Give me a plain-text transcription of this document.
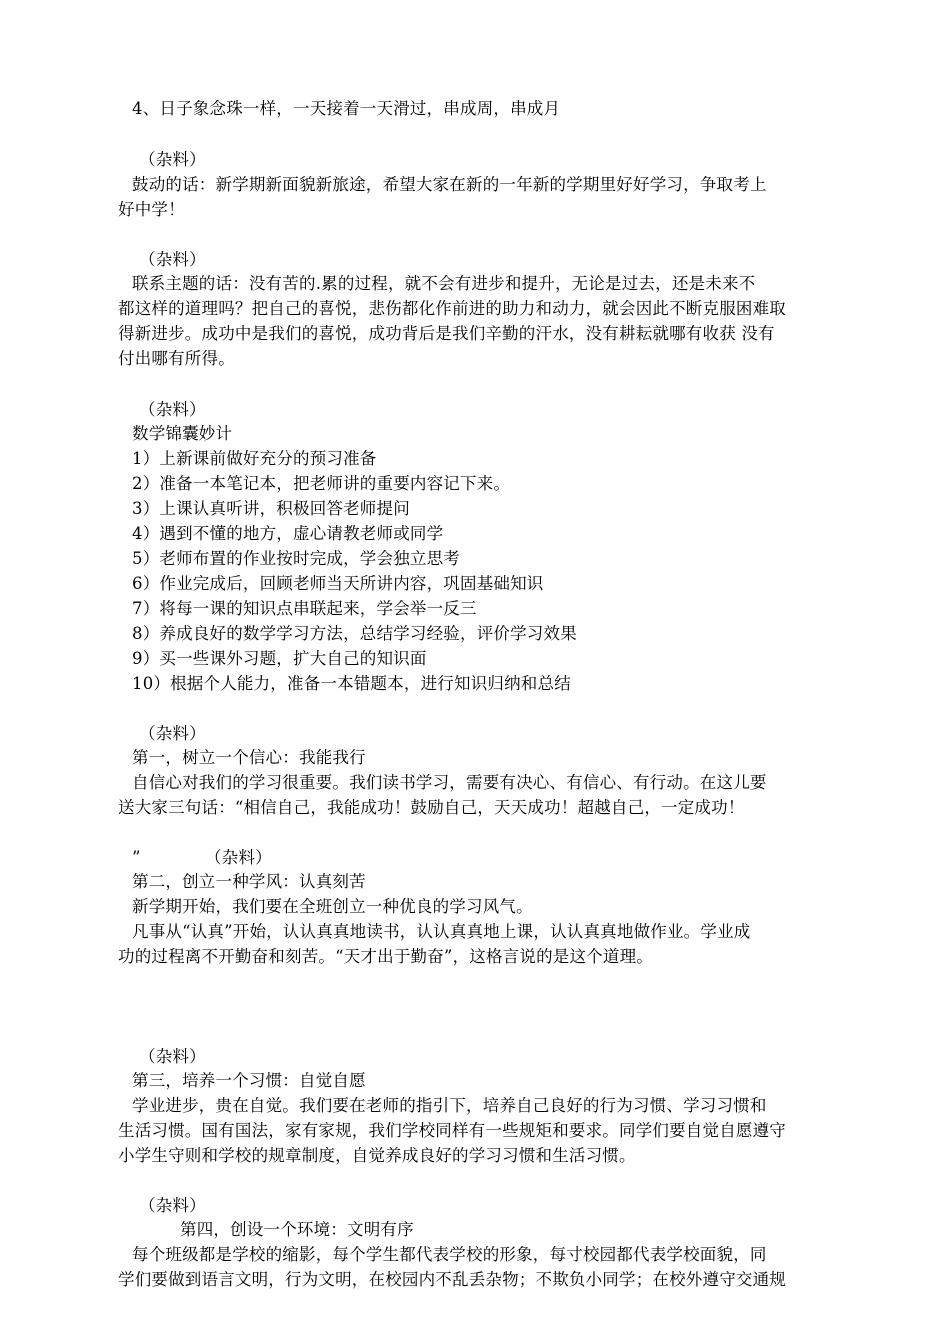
4、日子象念珠一样，一天接着一天滑过，串成周，串成月
（杂料）
鼓动的话：新学期新面貌新旅途，希望大家在新的一年新的学期里好好学习，争取考上
好中学！
（杂料）
联系主题的话：没有苦的.累的过程，就不会有进步和提升，无论是过去，还是未来不
都这样的道理吗？把自己的喜悦，悲伤都化作前进的助力和动力，就会因此不断克服困难取
得新进步。成功中是我们的喜悦，成功背后是我们辛勤的汗水，没有耕耘就哪有收获 没有
付出哪有所得。
（杂料）
数学锦囊妙计
1）上新课前做好充分的预习准备
2）准备一本笔记本，把老师讲的重要内容记下来。
3）上课认真听讲，积极回答老师提问
4）遇到不懂的地方，虚心请教老师或同学
5）老师布置的作业按时完成，学会独立思考
6）作业完成后，回顾老师当天所讲内容，巩固基础知识
7）将每一课的知识点串联起来，学会举一反三
8）养成良好的数学学习方法，总结学习经验，评价学习效果
9）买一些课外习题，扩大自己的知识面
10）根据个人能力，准备一本错题本，进行知识归纳和总结
（杂料）
第一，树立一个信心：我能我行
自信心对我们的学习很重要。我们读书学习，需要有决心、有信心、有行动。在这儿要
送大家三句话：“相信自己，我能成功！鼓励自己，天天成功！超越自己，一定成功！
”	（杂料）
第二，创立一种学风：认真刻苦
新学期开始，我们要在全班创立一种优良的学习风气。
凡事从“认真”开始，认认真真地读书，认认真真地上课，认认真真地做作业。学业成
功的过程离不开勤奋和刻苦。“天才出于勤奋”，这格言说的是这个道理。
（杂料）
第三，培养一个习惯：自觉自愿
学业进步，贵在自觉。我们要在老师的指引下，培养自己良好的行为习惯、学习习惯和
生活习惯。国有国法，家有家规，我们学校同样有一些规矩和要求。同学们要自觉自愿遵守
小学生守则和学校的规章制度，自觉养成良好的学习习惯和生活习惯。
（杂料）
第四，创设一个环境：文明有序
每个班级都是学校的缩影，每个学生都代表学校的形象，每寸校园都代表学校面貌，同
学们要做到语言文明，行为文明，在校园内不乱丢杂物；不欺负小同学；在校外遵守交通规
